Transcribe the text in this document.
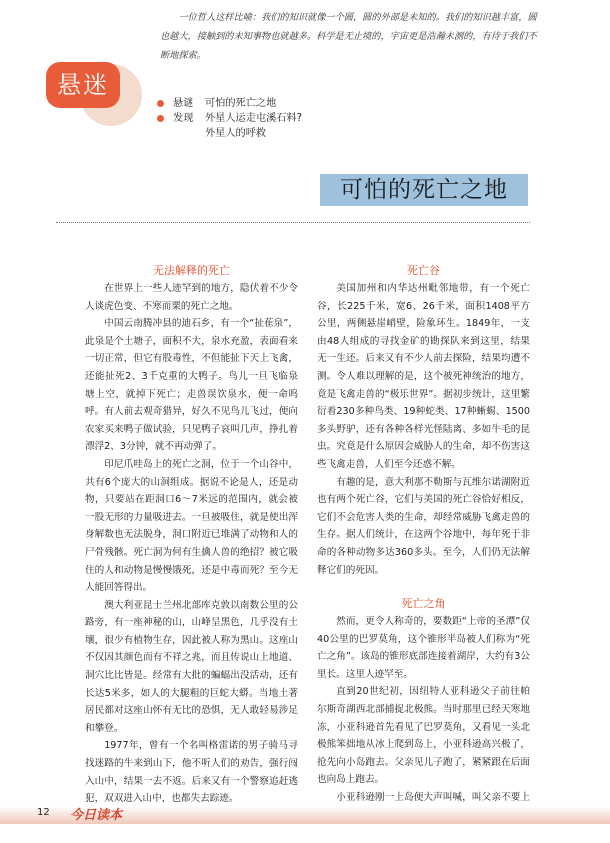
一位哲人这样比喻：我们的知识就像一个圆，圆的外部是未知的。我们的知识越丰富，圆也越大，接触到的未知事物也就越多。科学是无止境的，宇宙更是浩瀚未测的，有待于我们不断地探索。
悬迷
悬谜	可怕的死亡之地
发现	外星人运走屯溪石料?
外星人的呼救
可怕的死亡之地
无法解释的死亡

在世界上一些人迹罕到的地方，隐伏着不少令人谈虎色变、不寒而栗的死亡之地。

中国云南腾冲县的迪石乡，有一个“扯萑泉”，此泉是个土塘子，面积不大，泉水充盈，表面看来一切正常，但它有股毒性，不但能扯下天上飞禽，还能扯死2、3千克重的大鸭子。鸟儿一旦飞临泉塘上空，就掉下死亡；走兽误饮泉水，便一命呜呼。有人前去观奇猎异，好久不见鸟儿飞过，便向农家买来鸭子做试验，只见鸭子哀叫几声，挣扎着漂浮2、3分钟，就不再动弹了。

印尼爪哇岛上的死亡之洞，位于一个山谷中，共有6个庞大的山洞组成。据说不论是人，还是动物，只要站在距洞口6～7米远的范围内，就会被一股无形的力量吸进去。一旦被吸住，就是使出浑身解数也无法脱身，洞口附近已堆满了动物和人的尸骨残骸。死亡洞为何有生擒人兽的绝招？被它吸住的人和动物是慢慢饿死，还是中毒而死？至今无人能回答得出。

澳大利亚昆士兰州北部库克敦以南数公里的公路旁，有一座神秘的山，山峰呈黑色，几乎没有土壤，很少有植物生存，因此被人称为黑山。这座山不仅因其颜色而有不祥之兆，而且传说山上地道、洞穴比比皆是。经常有大批的蝙蝠出没活动，还有长达5米多，如人的大腿粗的巨蛇大蟒。当地土著居民都对这座山怀有无比的恐惧，无人敢轻易涉足和攀登。

1977年，曾有一个名叫格雷诺的男子骑马寻找迷路的牛来到山下，他不听人们的劝告，强行闯入山中，结果一去不返。后来又有一个警察追赶逃犯，双双进入山中，也都失去踪迹。

死亡谷

美国加州和内华达州毗邻地带，有一个死亡谷，长225千米，宽6、26千米，面积1408平方公里，两侧悬崖峭壁，险象环生。1849年，一支由48人组成的寻找金矿的勘探队来到这里，结果无一生还。后来又有不少人前去探险，结果均遭不测。令人难以理解的是，这个被死神统治的地方，竟是飞禽走兽的“极乐世界”。据初步统计，这里繁衍着230多种鸟类、19种蛇类、17种蜥蜴、1500多头野驴，还有各种各样光怪陆离、多如牛毛的昆虫。究竟是什么原因会威胁人的生命，却不伤害这些飞禽走兽，人们至今还惑不解。

有趣的是，意大利那不勒斯与瓦维尔诺湖附近也有两个死亡谷，它们与美国的死亡谷恰好相反，它们不会危害人类的生命，却经常威胁飞禽走兽的生存。据人们统计，在这两个谷地中，每年死于非命的各种动物多达360多头。至今，人们仍无法解释它们的死因。

死亡之角

然而，更令人称奇的，要数距“上帝的圣潭”仅40公里的巴罗莫角，这个锥形半岛被人们称为“死亡之角”。该岛的锥形底部连接着湖岸，大约有3公里长。这里人迹罕至。

直到20世纪初，因纽特人亚科逊父子前往帕尔斯奇湖西北部捕捉北极熊。当时那里已经天寒地冻，小亚科逊首先看见了巴罗莫角，又看见一头北极熊笨拙地从冰上爬到岛上，小亚科逊高兴极了，抢先向小岛跑去。父亲见儿子跑了，紧紧跟在后面也向岛上跑去。

小亚科逊刚一上岛便大声叫喊，叫父亲不要上

12 今日读本
